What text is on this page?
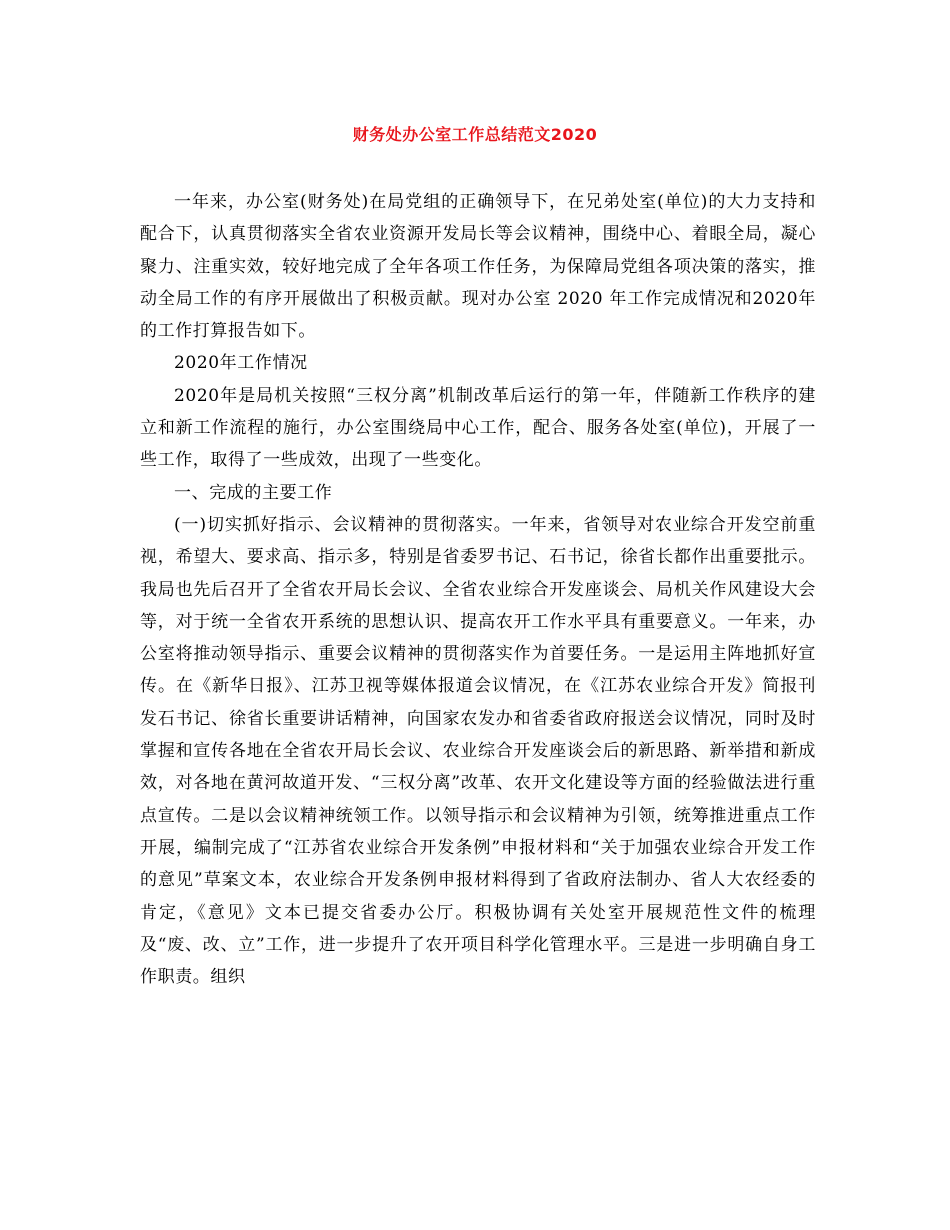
财务处办公室工作总结范文2020

一年来，办公室(财务处)在局党组的正确领导下，在兄弟处室(单位)的大力支持和配合下，认真贯彻落实全省农业资源开发局长等会议精神，围绕中心、着眼全局，凝心聚力、注重实效，较好地完成了全年各项工作任务，为保障局党组各项决策的落实，推动全局工作的有序开展做出了积极贡献。现对办公室 2020 年工作完成情况和2020年的工作打算报告如下。

2020年工作情况

2020年是局机关按照“三权分离”机制改革后运行的第一年，伴随新工作秩序的建立和新工作流程的施行，办公室围绕局中心工作，配合、服务各处室(单位)，开展了一些工作，取得了一些成效，出现了一些变化。

一、完成的主要工作

(一)切实抓好指示、会议精神的贯彻落实。一年来，省领导对农业综合开发空前重视，希望大、要求高、指示多，特别是省委罗书记、石书记，徐省长都作出重要批示。我局也先后召开了全省农开局长会议、全省农业综合开发座谈会、局机关作风建设大会等，对于统一全省农开系统的思想认识、提高农开工作水平具有重要意义。一年来，办公室将推动领导指示、重要会议精神的贯彻落实作为首要任务。一是运用主阵地抓好宣传。在《新华日报》、江苏卫视等媒体报道会议情况，在《江苏农业综合开发》简报刊发石书记、徐省长重要讲话精神，向国家农发办和省委省政府报送会议情况，同时及时掌握和宣传各地在全省农开局长会议、农业综合开发座谈会后的新思路、新举措和新成效，对各地在黄河故道开发、“三权分离”改革、农开文化建设等方面的经验做法进行重点宣传。二是以会议精神统领工作。以领导指示和会议精神为引领，统筹推进重点工作开展，编制完成了“江苏省农业综合开发条例”申报材料和“关于加强农业综合开发工作的意见”草案文本，农业综合开发条例申报材料得到了省政府法制办、省人大农经委的肯定，《意见》文本已提交省委办公厅。积极协调有关处室开展规范性文件的梳理及“废、改、立”工作，进一步提升了农开项目科学化管理水平。三是进一步明确自身工作职责。组织
